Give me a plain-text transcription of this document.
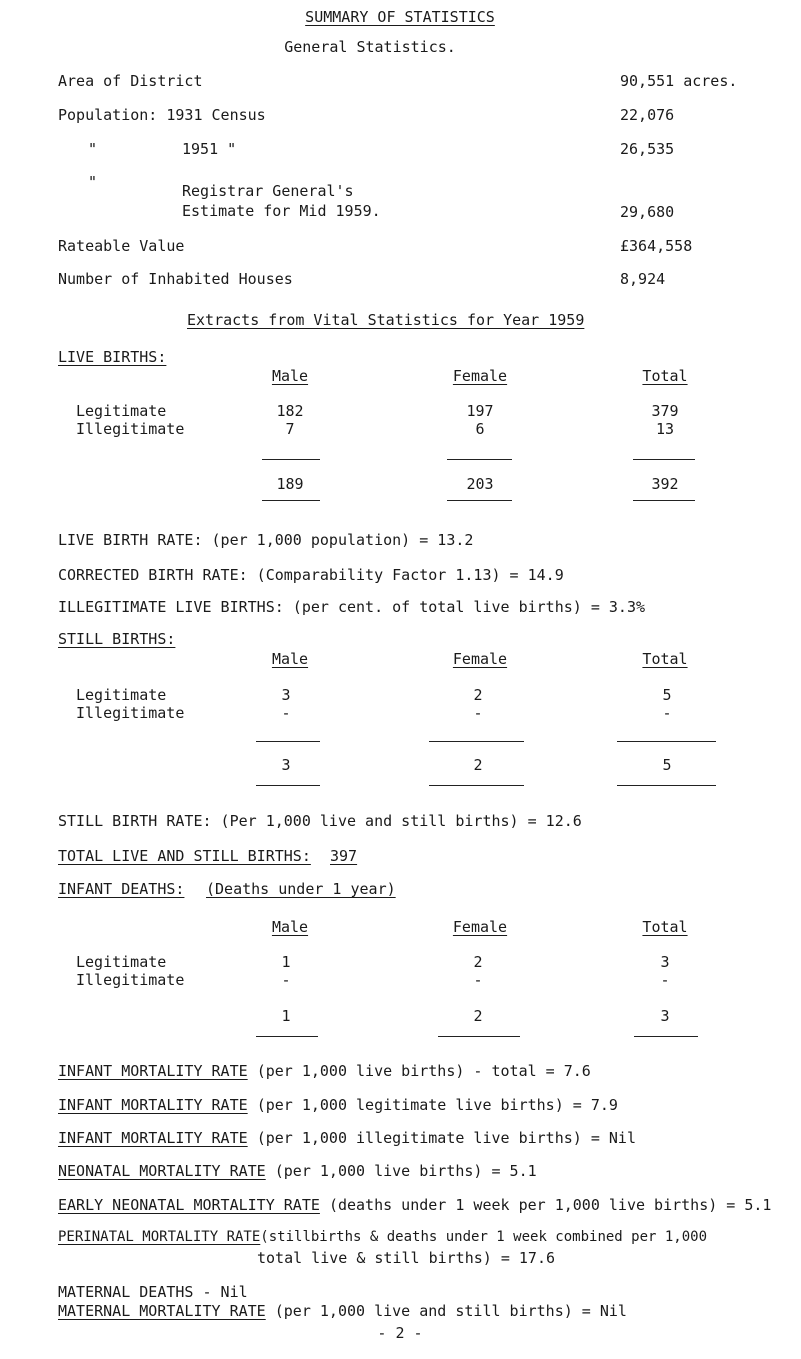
SUMMARY OF STATISTICS
General Statistics.
Area of District	90,551 acres.
Population: 1931 Census	22,076
"	1951 "	26,535
"	Registrar General's
Estimate for Mid 1959.	29,680
Rateable Value	£364,558
Number of Inhabited Houses	8,924
Extracts from Vital Statistics for Year 1959
LIVE BIRTHS:
Male	Female	Total
Legitimate	182	197	379
Illegitimate	7	6	13
189	203	392
LIVE BIRTH RATE: (per 1,000 population) = 13.2
CORRECTED BIRTH RATE: (Comparability Factor 1.13) = 14.9
ILLEGITIMATE LIVE BIRTHS: (per cent. of total live births) = 3.3%
STILL BIRTHS:
Male	Female	Total
Legitimate	3	2	5
Illegitimate	-	-	-
3	2	5
STILL BIRTH RATE: (Per 1,000 live and still births) = 12.6
TOTAL LIVE AND STILL BIRTHS: 397
INFANT DEATHS: (Deaths under 1 year)
Male	Female	Total
Legitimate	1	2	3
Illegitimate	-	-	-
1	2	3
INFANT MORTALITY RATE (per 1,000 live births) - total = 7.6
INFANT MORTALITY RATE (per 1,000 legitimate live births) = 7.9
INFANT MORTALITY RATE (per 1,000 illegitimate live births) = Nil
NEONATAL MORTALITY RATE (per 1,000 live births) = 5.1
EARLY NEONATAL MORTALITY RATE (deaths under 1 week per 1,000 live births) = 5.1
PERINATAL MORTALITY RATE(stillbirths & deaths under 1 week combined per 1,000
total live & still births) = 17.6
MATERNAL DEATHS - Nil
MATERNAL MORTALITY RATE (per 1,000 live and still births) = Nil
- 2 -
